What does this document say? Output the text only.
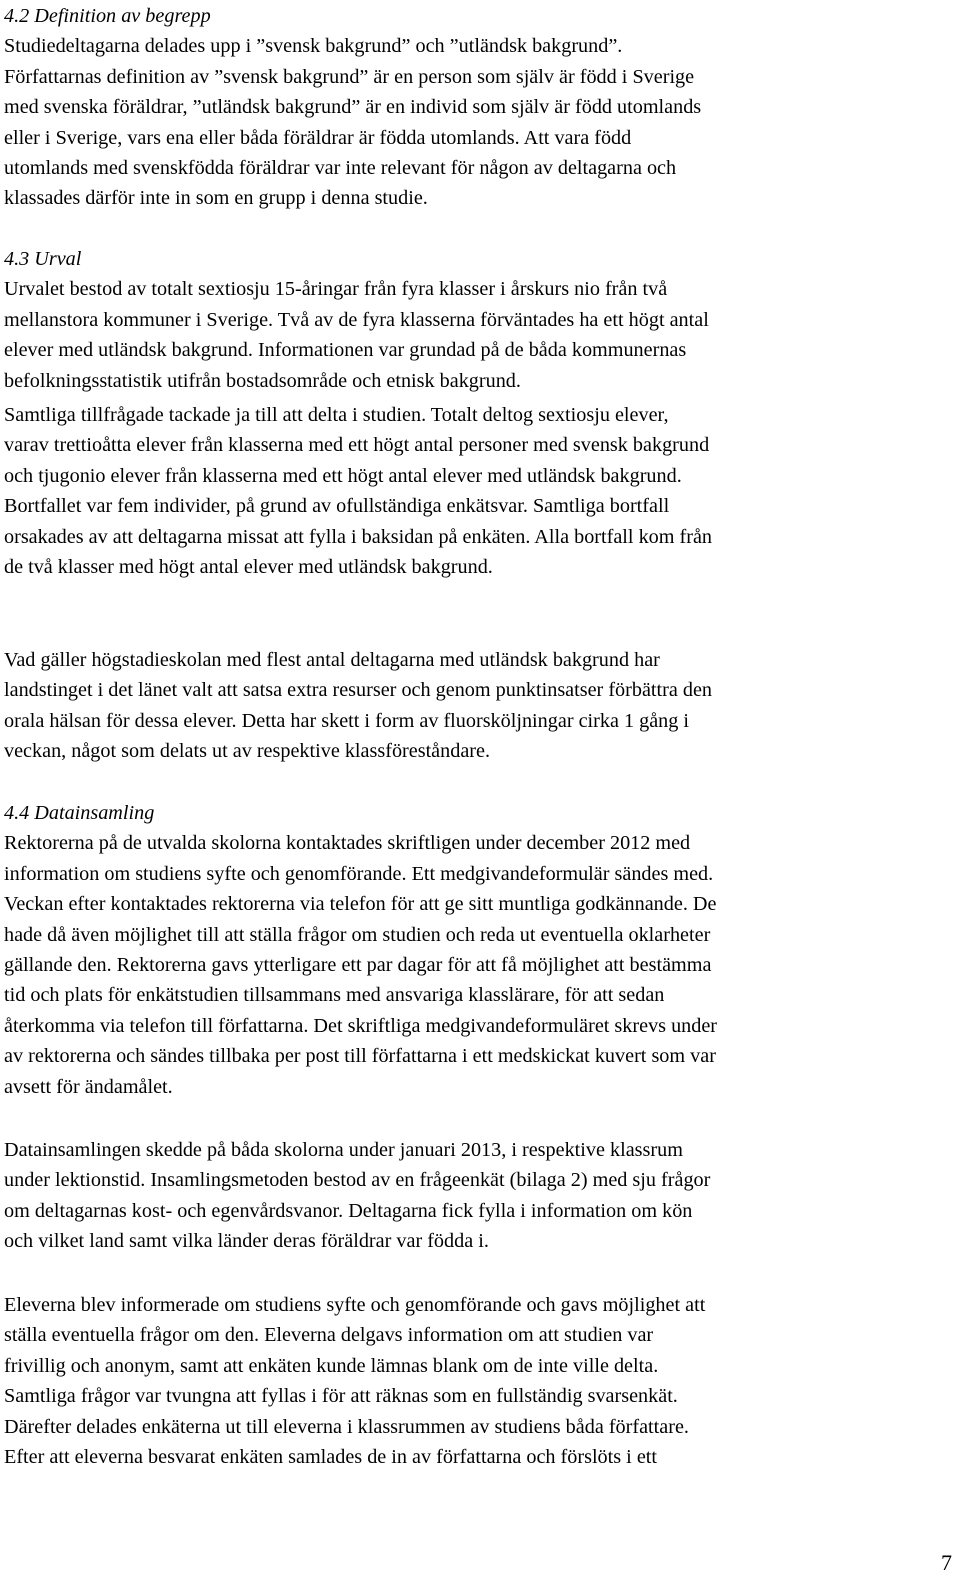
4.2 Definition av begrepp
Studiedeltagarna delades upp i ”svensk bakgrund” och ”utländsk bakgrund”.
Författarnas definition av ”svensk bakgrund” är en person som själv är född i Sverige
med svenska föräldrar, ”utländsk bakgrund” är en individ som själv är född utomlands
eller i Sverige, vars ena eller båda föräldrar är födda utomlands. Att vara född
utomlands med svenskfödda föräldrar var inte relevant för någon av deltagarna och
klassades därför inte in som en grupp i denna studie.
4.3 Urval
Urvalet bestod av totalt sextiosju 15-åringar från fyra klasser i årskurs nio från två
mellanstora kommuner i Sverige. Två av de fyra klasserna förväntades ha ett högt antal
elever med utländsk bakgrund. Informationen var grundad på de båda kommunernas
befolkningsstatistik utifrån bostadsområde och etnisk bakgrund.
Samtliga tillfrågade tackade ja till att delta i studien. Totalt deltog sextiosju elever,
varav trettioåtta elever från klasserna med ett högt antal personer med svensk bakgrund
och tjugonio elever från klasserna med ett högt antal elever med utländsk bakgrund.
Bortfallet var fem individer, på grund av ofullständiga enkätsvar. Samtliga bortfall
orsakades av att deltagarna missat att fylla i baksidan på enkäten. Alla bortfall kom från
de två klasser med högt antal elever med utländsk bakgrund.
Vad gäller högstadieskolan med flest antal deltagarna med utländsk bakgrund har
landstinget i det länet valt att satsa extra resurser och genom punktinsatser förbättra den
orala hälsan för dessa elever. Detta har skett i form av fluorsköljningar cirka 1 gång i
veckan, något som delats ut av respektive klassföreståndare.
4.4 Datainsamling
Rektorerna på de utvalda skolorna kontaktades skriftligen under december 2012 med
information om studiens syfte och genomförande. Ett medgivandeformulär sändes med.
Veckan efter kontaktades rektorerna via telefon för att ge sitt muntliga godkännande. De
hade då även möjlighet till att ställa frågor om studien och reda ut eventuella oklarheter
gällande den. Rektorerna gavs ytterligare ett par dagar för att få möjlighet att bestämma
tid och plats för enkätstudien tillsammans med ansvariga klasslärare, för att sedan
återkomma via telefon till författarna. Det skriftliga medgivandeformuläret skrevs under
av rektorerna och sändes tillbaka per post till författarna i ett medskickat kuvert som var
avsett för ändamålet.
Datainsamlingen skedde på båda skolorna under januari 2013, i respektive klassrum
under lektionstid. Insamlingsmetoden bestod av en frågeenkät (bilaga 2) med sju frågor
om deltagarnas kost- och egenvårdsvanor. Deltagarna fick fylla i information om kön
och vilket land samt vilka länder deras föräldrar var födda i.
Eleverna blev informerade om studiens syfte och genomförande och gavs möjlighet att
ställa eventuella frågor om den. Eleverna delgavs information om att studien var
frivillig och anonym, samt att enkäten kunde lämnas blank om de inte ville delta.
Samtliga frågor var tvungna att fyllas i för att räknas som en fullständig svarsenkät.
Därefter delades enkäterna ut till eleverna i klassrummen av studiens båda författare.
Efter att eleverna besvarat enkäten samlades de in av författarna och förslöts i ett
7
